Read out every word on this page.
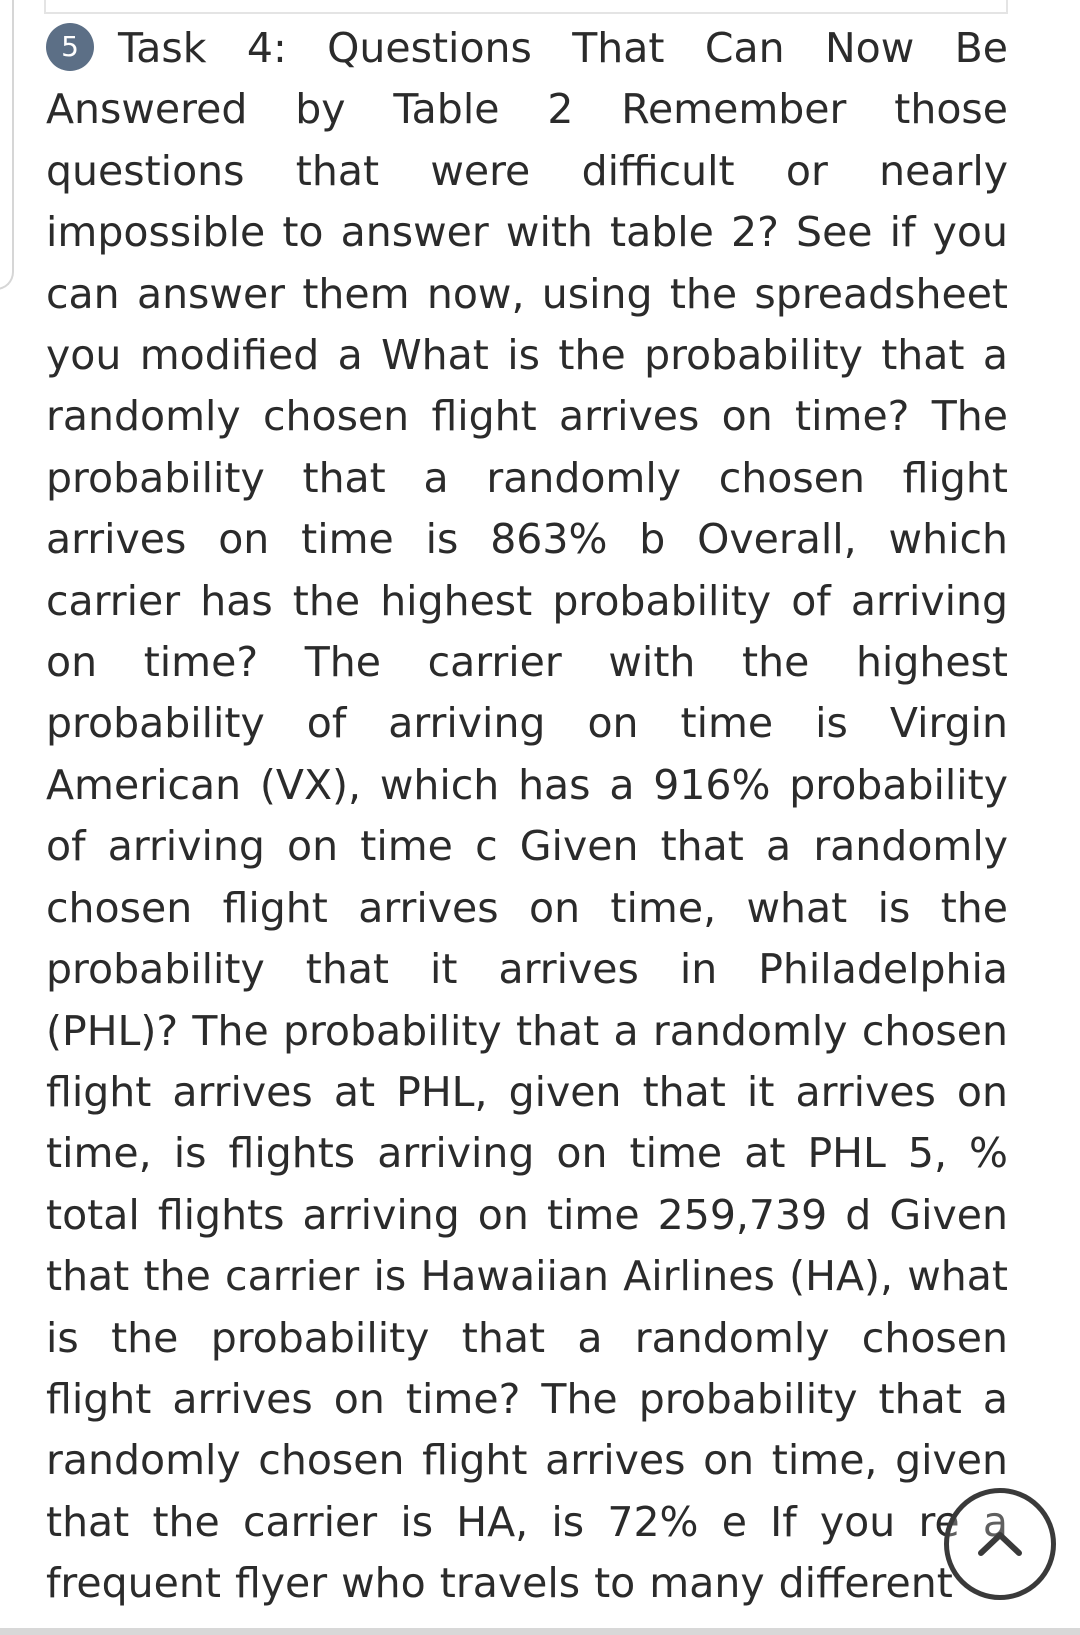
5 Task 4: Questions That Can Now Be Answered by Table 2 Remember those questions that were difficult or nearly impossible to answer with table 2? See if you can answer them now, using the spreadsheet you modified a What is the probability that a randomly chosen flight arrives on time? The probability that a randomly chosen flight arrives on time is 863% b Overall, which carrier has the highest probability of arriving on time? The carrier with the highest probability of arriving on time is Virgin American (VX), which has a 916% probability of arriving on time c Given that a randomly chosen flight arrives on time, what is the probability that it arrives in Philadelphia (PHL)? The probability that a randomly chosen flight arrives at PHL, given that it arrives on time, is flights arriving on time at PHL 5, % total flights arriving on time 259,739 d Given that the carrier is Hawaiian Airlines (HA), what is the probability that a randomly chosen flight arrives on time? The probability that a randomly chosen flight arrives on time, given that the carrier is HA, is 72% e If you re a frequent flyer who travels to many different
